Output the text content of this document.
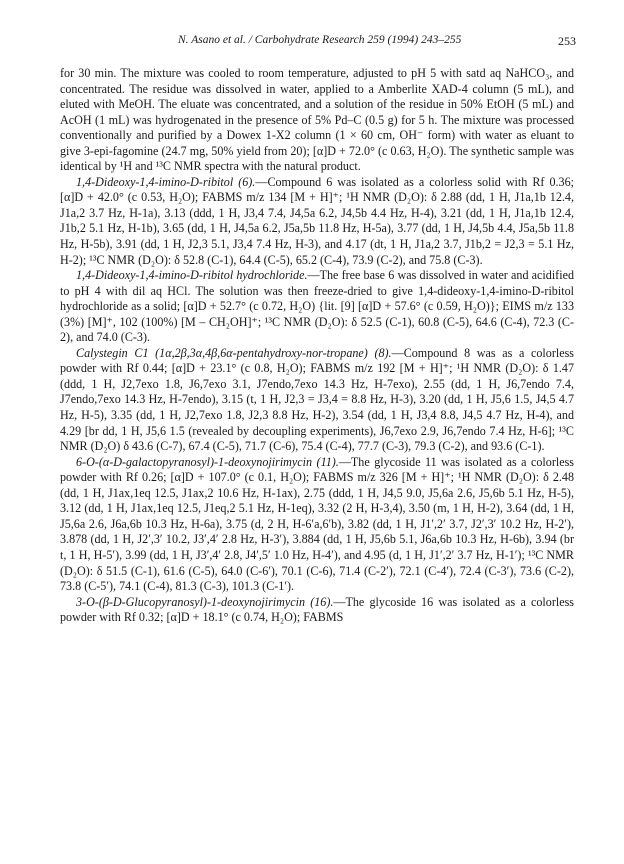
N. Asano et al. / Carbohydrate Research 259 (1994) 243–255	253

for 30 min. The mixture was cooled to room temperature, adjusted to pH 5 with satd aq NaHCO₃, and concentrated. The residue was dissolved in water, applied to a Amberlite XAD-4 column (5 mL), and eluted with MeOH. The eluate was concentrated, and a solution of the residue in 50% EtOH (5 mL) and AcOH (1 mL) was hydrogenated in the presence of 5% Pd–C (0.5 g) for 5 h. The mixture was processed conventionally and purified by a Dowex 1-X2 column (1 × 60 cm, OH⁻ form) with water as eluant to give 3-epi-fagomine (24.7 mg, 50% yield from 20); [α]D + 72.0° (c 0.63, H₂O). The synthetic sample was identical by ¹H and ¹³C NMR spectra with the natural product.

1,4-Dideoxy-1,4-imino-D-ribitol (6).—Compound 6 was isolated as a colorless solid with Rf 0.36; [α]D + 42.0° (c 0.53, H₂O); FABMS m/z 134 [M + H]⁺; ¹H NMR (D₂O): δ 2.88 (dd, 1 H, J1a,1b 12.4, J1a,2 3.7 Hz, H-1a), 3.13 (ddd, 1 H, J3,4 7.4, J4,5a 6.2, J4,5b 4.4 Hz, H-4), 3.21 (dd, 1 H, J1a,1b 12.4, J1b,2 5.1 Hz, H-1b), 3.65 (dd, 1 H, J4,5a 6.2, J5a,5b 11.8 Hz, H-5a), 3.77 (dd, 1 H, J4,5b 4.4, J5a,5b 11.8 Hz, H-5b), 3.91 (dd, 1 H, J2,3 5.1, J3,4 7.4 Hz, H-3), and 4.17 (dt, 1 H, J1a,2 3.7, J1b,2 = J2,3 = 5.1 Hz, H-2); ¹³C NMR (D₂O): δ 52.8 (C-1), 64.4 (C-5), 65.2 (C-4), 73.9 (C-2), and 75.8 (C-3).

1,4-Dideoxy-1,4-imino-D-ribitol hydrochloride.—The free base 6 was dissolved in water and acidified to pH 4 with dil aq HCl. The solution was then freeze-dried to give 1,4-dideoxy-1,4-imino-D-ribitol hydrochloride as a solid; [α]D + 52.7° (c 0.72, H₂O) {lit. [9] [α]D + 57.6° (c 0.59, H₂O)}; EIMS m/z 133 (3%) [M]⁺, 102 (100%) [M – CH₂OH]⁺; ¹³C NMR (D₂O): δ 52.5 (C-1), 60.8 (C-5), 64.6 (C-4), 72.3 (C-2), and 74.0 (C-3).

Calystegin C1 (1α,2β,3α,4β,6α-pentahydroxy-nor-tropane) (8).—Compound 8 was as a colorless powder with Rf 0.44; [α]D + 23.1° (c 0.8, H₂O); FABMS m/z 192 [M + H]⁺; ¹H NMR (D₂O): δ 1.47 (ddd, 1 H, J2,7exo 1.8, J6,7exo 3.1, J7endo,7exo 14.3 Hz, H-7exo), 2.55 (dd, 1 H, J6,7endo 7.4, J7endo,7exo 14.3 Hz, H-7endo), 3.15 (t, 1 H, J2,3 = J3,4 = 8.8 Hz, H-3), 3.20 (dd, 1 H, J5,6 1.5, J4,5 4.7 Hz, H-5), 3.35 (dd, 1 H, J2,7exo 1.8, J2,3 8.8 Hz, H-2), 3.54 (dd, 1 H, J3,4 8.8, J4,5 4.7 Hz, H-4), and 4.29 [br dd, 1 H, J5,6 1.5 (revealed by decoupling experiments), J6,7exo 2.9, J6,7endo 7.4 Hz, H-6]; ¹³C NMR (D₂O) δ 43.6 (C-7), 67.4 (C-5), 71.7 (C-6), 75.4 (C-4), 77.7 (C-3), 79.3 (C-2), and 93.6 (C-1).

6-O-(α-D-galactopyranosyl)-1-deoxynojirimycin (11).—The glycoside 11 was isolated as a colorless powder with Rf 0.26; [α]D + 107.0° (c 0.1, H₂O); FABMS m/z 326 [M + H]⁺; ¹H NMR (D₂O): δ 2.48 (dd, 1 H, J1ax,1eq 12.5, J1ax,2 10.6 Hz, H-1ax), 2.75 (ddd, 1 H, J4,5 9.0, J5,6a 2.6, J5,6b 5.1 Hz, H-5), 3.12 (dd, 1 H, J1ax,1eq 12.5, J1eq,2 5.1 Hz, H-1eq), 3.32 (2 H, H-3,4), 3.50 (m, 1 H, H-2), 3.64 (dd, 1 H, J5,6a 2.6, J6a,6b 10.3 Hz, H-6a), 3.75 (d, 2 H, H-6′a,6′b), 3.82 (dd, 1 H, J1′,2′ 3.7, J2′,3′ 10.2 Hz, H-2′), 3.878 (dd, 1 H, J2′,3′ 10.2, J3′,4′ 2.8 Hz, H-3′), 3.884 (dd, 1 H, J5,6b 5.1, J6a,6b 10.3 Hz, H-6b), 3.94 (br t, 1 H, H-5′), 3.99 (dd, 1 H, J3′,4′ 2.8, J4′,5′ 1.0 Hz, H-4′), and 4.95 (d, 1 H, J1′,2′ 3.7 Hz, H-1′); ¹³C NMR (D₂O): δ 51.5 (C-1), 61.6 (C-5), 64.0 (C-6′), 70.1 (C-6), 71.4 (C-2′), 72.1 (C-4′), 72.4 (C-3′), 73.6 (C-2), 73.8 (C-5′), 74.1 (C-4), 81.3 (C-3), 101.3 (C-1′).

3-O-(β-D-Glucopyranosyl)-1-deoxynojirimycin (16).—The glycoside 16 was isolated as a colorless powder with Rf 0.32; [α]D + 18.1° (c 0.74, H₂O); FABMS
